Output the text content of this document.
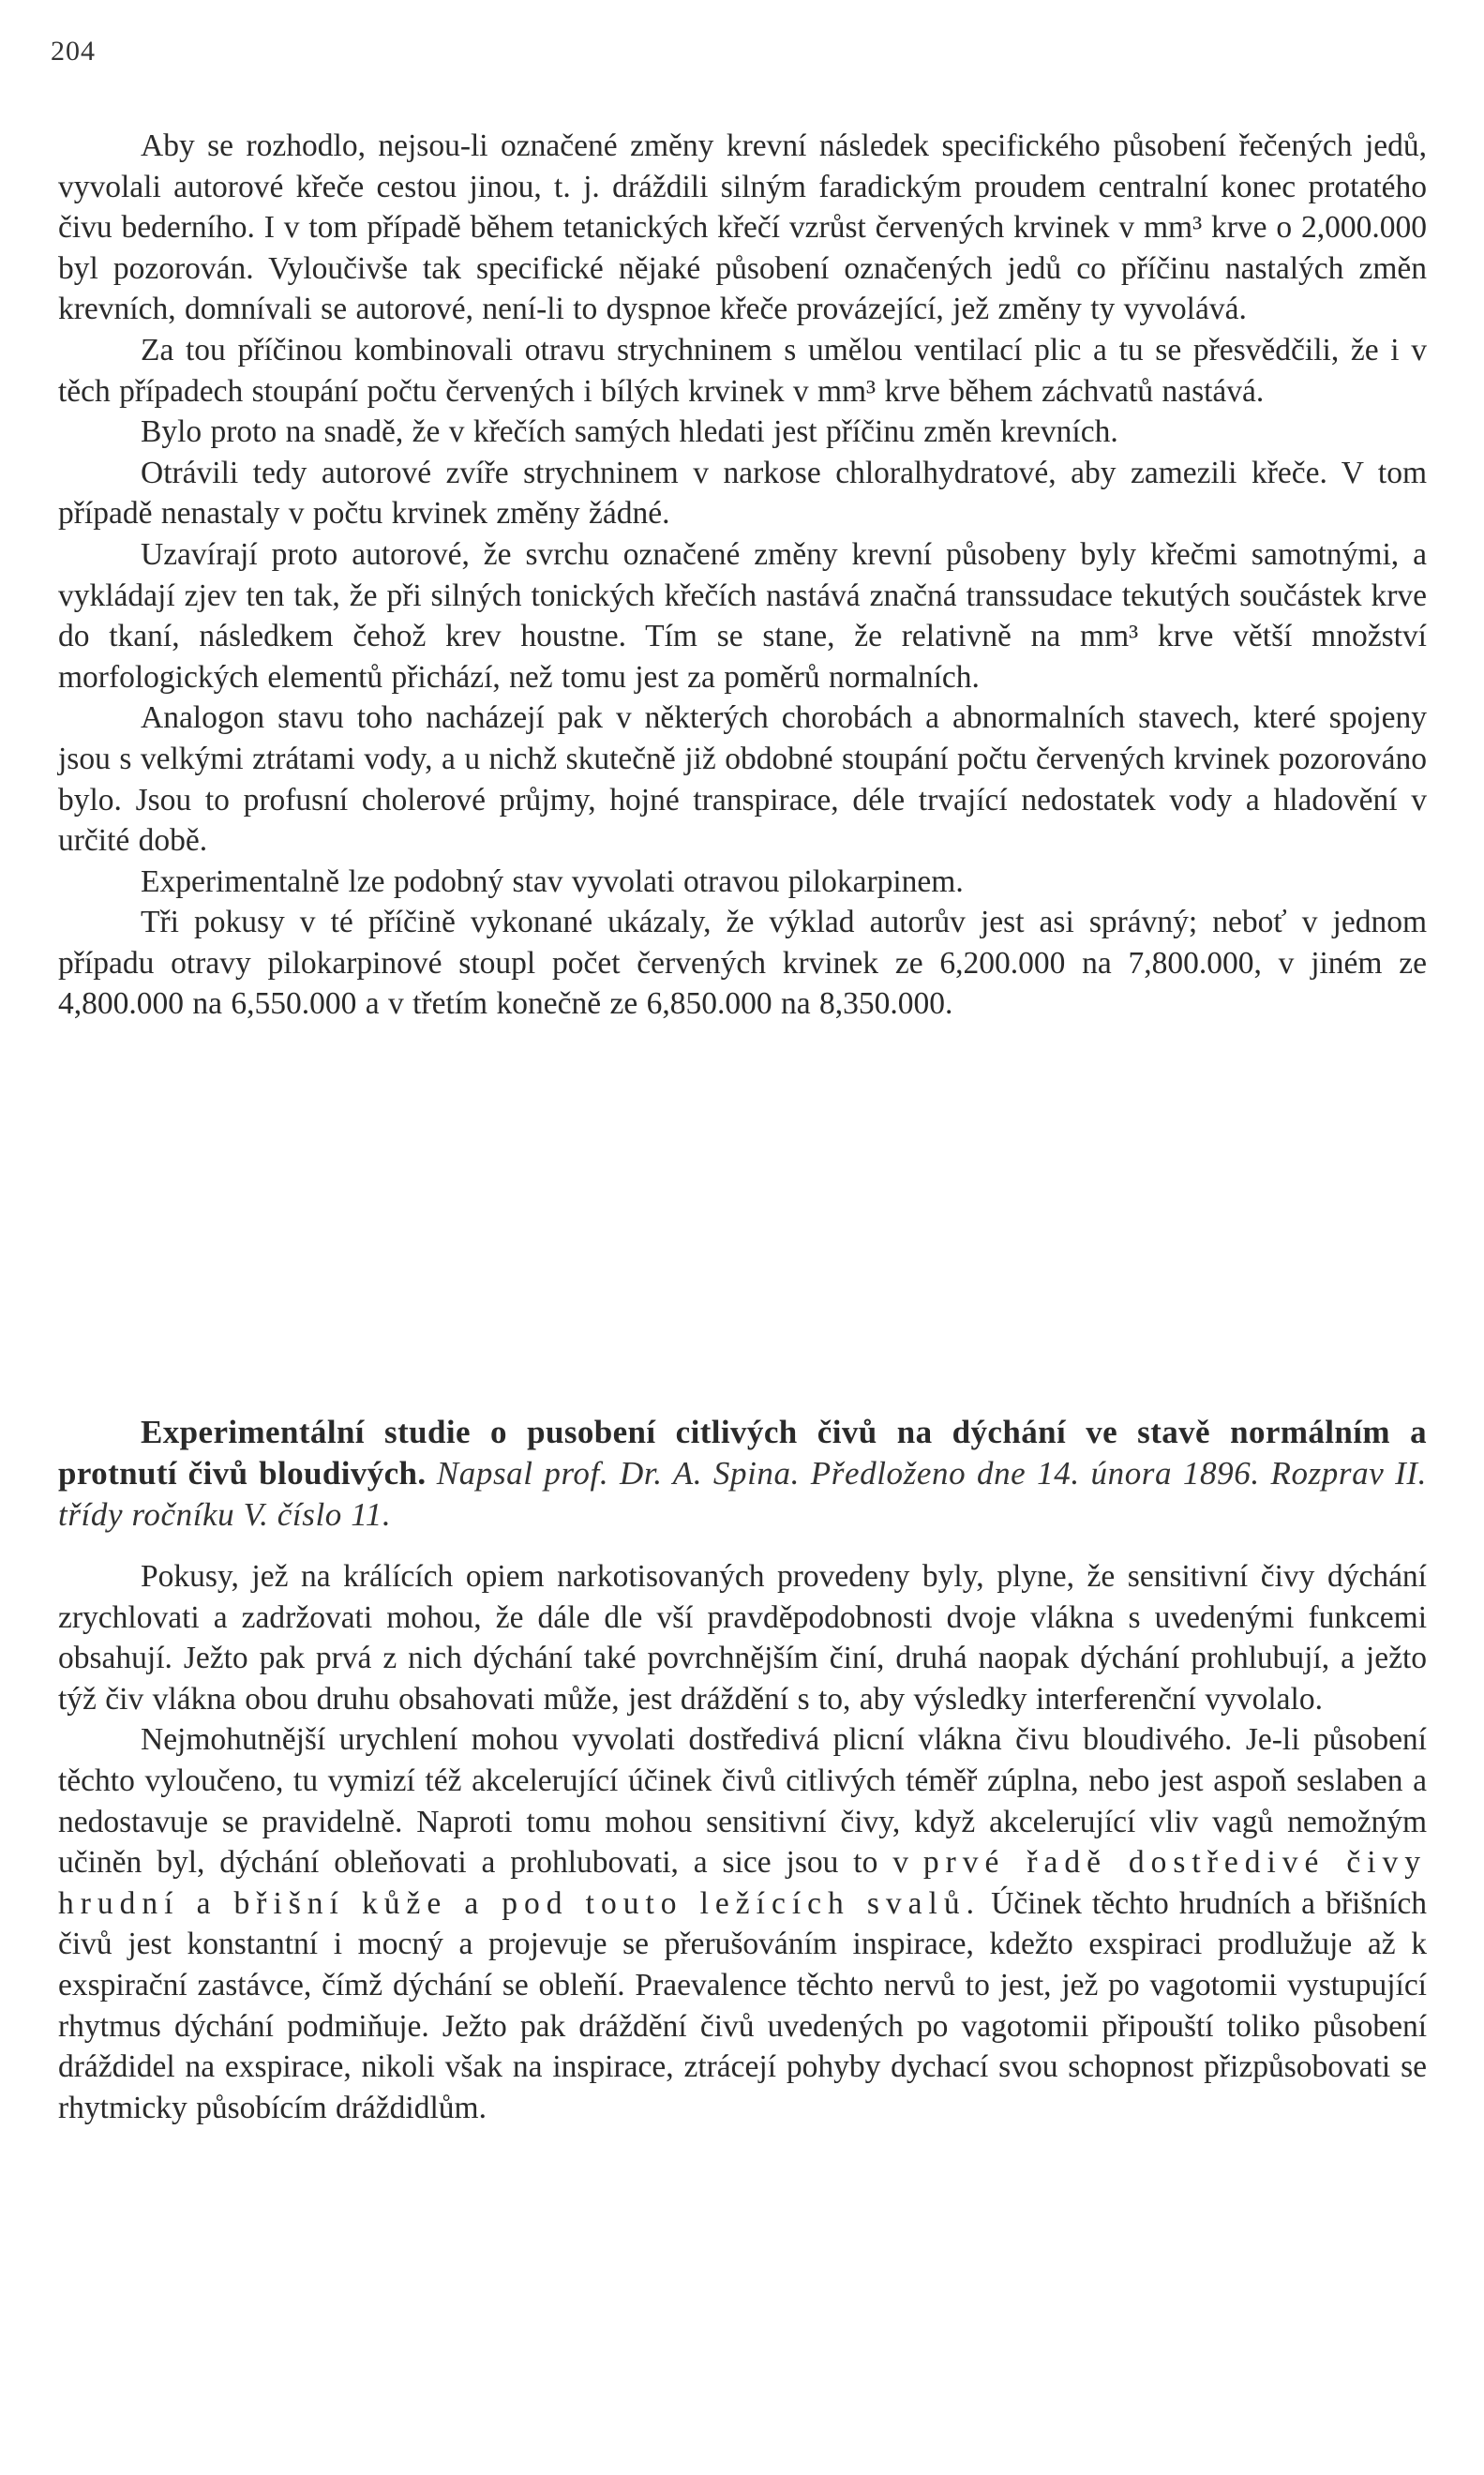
204

Aby se rozhodlo, nejsou-li označené změny krevní následek specifického působení řečených jedů, vyvolali autorové křeče cestou jinou, t. j. dráždili silným faradickým proudem centralní konec protatého čivu bederního. I v tom případě během tetanických křečí vzrůst červených krvinek v mm³ krve o 2,000.000 byl pozorován. Vyloučivše tak specifické nějaké působení označených jedů co příčinu nastalých změn krevních, domnívali se autorové, není-li to dyspnoe křeče provázející, jež změny ty vyvolává.

Za tou příčinou kombinovali otravu strychninem s umělou ventilací plic a tu se přesvědčili, že i v těch případech stoupání počtu červených i bílých krvinek v mm³ krve během záchvatů nastává.

Bylo proto na snadě, že v křečích samých hledati jest příčinu změn krevních.

Otrávili tedy autorové zvíře strychninem v narkose chloralhydratové, aby zamezili křeče. V tom případě nenastaly v počtu krvinek změny žádné.

Uzavírají proto autorové, že svrchu označené změny krevní působeny byly křečmi samotnými, a vykládají zjev ten tak, že při silných tonických křečích nastává značná transsudace tekutých součástek krve do tkaní, následkem čehož krev houstne. Tím se stane, že relativně na mm³ krve větší množství morfologických elementů přichází, než tomu jest za poměrů normalních.

Analogon stavu toho nacházejí pak v některých chorobách a abnormalních stavech, které spojeny jsou s velkými ztrátami vody, a u nichž skutečně již obdobné stoupání počtu červených krvinek pozorováno bylo. Jsou to profusní cholerové průjmy, hojné transpirace, déle trvající nedostatek vody a hladovění v určité době.

Experimentalně lze podobný stav vyvolati otravou pilokarpinem.

Tři pokusy v té příčině vykonané ukázaly, že výklad autorův jest asi správný; neboť v jednom případu otravy pilokarpinové stoupl počet červených krvinek ze 6,200.000 na 7,800.000, v jiném ze 4,800.000 na 6,550.000 a v třetím konečně ze 6,850.000 na 8,350.000.

Experimentální studie o pusobení citlivých čivů na dýchání ve stavě normálním a protnutí čivů bloudivých. Napsal prof. Dr. A. Spina. Předloženo dne 14. února 1896. Rozprav II. třídy ročníku V. číslo 11.

Pokusy, jež na králících opiem narkotisovaných provedeny byly, plyne, že sensitivní čivy dýchání zrychlovati a zadržovati mohou, že dále dle vší pravděpodobnosti dvoje vlákna s uvedenými funkcemi obsahují. Ježto pak prvá z nich dýchání také povrchnějším činí, druhá naopak dýchání prohlubují, a ježto týž čiv vlákna obou druhu obsahovati může, jest dráždění s to, aby výsledky interferenční vyvolalo.

Nejmohutnější urychlení mohou vyvolati dostředivá plicní vlákna čivu bloudivého. Je-li působení těchto vyloučeno, tu vymizí též akcelerující účinek čivů citlivých téměř zúplna, nebo jest aspoň seslaben a nedostavuje se pravidelně. Naproti tomu mohou sensitivní čivy, když akcelerující vliv vagů nemožným učiněn byl, dýchání obleňovati a prohlubovati, a sice jsou to v prvé řadě dostředivé čivy hrudní a břišní kůže a pod touto ležících svalů. Účinek těchto hrudních a břišních čivů jest konstantní i mocný a projevuje se přerušováním inspirace, kdežto exspiraci prodlužuje až k exspirační zastávce, čímž dýchání se obleňí. Praevalence těchto nervů to jest, jež po vagotomii vystupující rhytmus dýchání podmiňuje. Ježto pak dráždění čivů uvedených po vagotomii připouští toliko působení dráždidel na exspirace, nikoli však na inspirace, ztrácejí pohyby dychací svou schopnost přizpůsobovati se rhytmicky působícím dráždidlům.
